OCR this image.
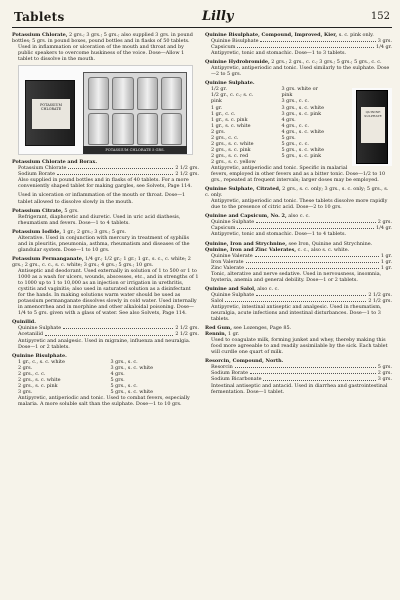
Tablets	Lilly	152
Potassium Chlorate, 2 grs.; 3 grs.; 5 grs.; also supplied 3 grs. in pound bottles; 5 grs. in pound boxes, pound bottles and in flasks of 50 tablets.
Used in inflammation or ulceration of the mouth and throat and by public speakers to overcome huskiness of the voice. Dose—Allow 1 tablet to dissolve in the mouth.
POTASSIUM CHLORATE
POTASSIUM CHLORATE 5 GRS.
Potassium Chlorate and Borax.
Potassium Chlorate	2 1/2 grs.
Sodium Borate	2 1/2 grs.
Also supplied in pound bottles and in flasks of 40 tablets. For a more conveniently shaped tablet for making gargles, see Solvets, Page 114.
Used in ulceration or inflammation of the mouth or throat. Dose—1 tablet allowed to dissolve slowly in the mouth.
Potassium Citrate, 5 grs.
Refrigerant, diaphoretic and diuretic. Used in uric acid diathesis, rheumatism and fevers. Dose—1 to 4 tablets.
Potassium Iodide, 1 gr.; 2 grs.; 3 grs.; 5 grs.
Alterative. Used in conjunction with mercury in treatment of syphilis and in pleuritis, pneumonia, asthma, rheumatism and diseases of the glandular system. Dose—1 to 10 grs.
Potassium Permanganate, 1/4 gr.; 1/2 gr.; 1 gr.; 1 gr., s. c., c. white; 2 grs.; 2 grs., c. c., s. c. white; 3 grs.; 4 grs.; 5 grs.; 10 grs.
Antiseptic and deodorant. Used externally in solution of 1 to 500 or 1 to 1000 as a wash for ulcers, wounds, abscesses, etc., and in strengths of 1 to 1000 up to 1 to 10,000 as an injection or irrigation in urethritis, cystitis and vaginitis; also used in saturated solution as a disinfectant for the hands. In making solutions warm water should be used as potassium permanganate dissolves slowly in cold water. Used internally in amenorrhea and in morphine and other alkaloidal poisoning. Dose—1/4 to 5 grs. given with a glass of water. See also Solvets, Page 114.
Quinilid.
Quinine Sulphate	2 1/2 grs.
Acetanilid	2 1/2 grs.
Antipyretic and analgesic. Used in migraine, influenza and neuralgia. Dose—1 or 2 tablets.
Quinine Bisulphate.
1 gr., c., s. c. white	3 grs., s. c.
2 grs.	3 grs., s. c. white
2 grs., c. c.	4 grs.
2 grs., s. c. white	5 grs.
2 grs., s. c. pink	5 grs., s. c.
3 grs.	5 grs., s. c. white
Antipyretic, antiperiodic and tonic. Used to combat fevers, especially malaria. A more soluble salt than the sulphate. Dose—1 to 10 grs.
Quinine Bisulphate, Compound, Improved, Kier, s. c. pink only.
Quinine Bisulphate	3 grs.
Capsicum	1/4 gr.
Antipyretic, tonic and stomachic. Dose—1 to 3 tablets.
Quinine Hydrobromide, 2 grs.; 2 grs., c. c.; 3 grs.; 5 grs.; 5 grs., c. c.
Antipyretic, antiperiodic and tonic. Used similarly to the sulphate. Dose—2 to 5 grs.
Quinine Sulphate.
QUININE SULPHATE
1/2 gr.	3 grs. white or
1/2 gr., c. c.; s. c.	pink
pink	3 grs., c. c.
1 gr.	3 grs., s. c. white
1 gr., c. c.	3 grs., s. c. pink
1 gr., s. c. pink	4 grs.
1 gr., s. c. white	4 grs., c. c.
2 grs.	4 grs., s. c. white
2 grs., c. c.	5 grs.
2 grs., s. c. white	5 grs., c. c.
2 grs., s. c. pink	5 grs., s. c. white
2 grs., s. c. red	5 grs., s. c. pink
2 grs., s. c. yellow
Antipyretic, antiperiodic and tonic. Specific in malarial fevers, employed in other fevers and as a bitter tonic. Dose—1/2 to 10 grs., repeated at frequent intervals; larger doses may be employed.
Quinine Sulphate, Citrated, 2 grs., s. c. only; 3 grs., s. c. only; 5 grs., s. c. only.
Antipyretic, antiperiodic and tonic. These tablets dissolve more rapidly due to the presence of citric acid. Dose—2 to 10 grs.
Quinine and Capsicum, No. 2, also c. c.
Quinine Sulphate	2 grs.
Capsicum	1/4 gr.
Antipyretic, tonic and stomachic. Dose—1 to 4 tablets.
Quinine, Iron and Strychnine, see Iron, Quinine and Strychnine.
Quinine, Iron and Zinc Valerates, c. c., also s. c. white.
Quinine Valerate	1 gr.
Iron Valerate	1 gr.
Zinc Valerate	1 gr.
Tonic, alterative and nerve sedative. Used in nervousness, insomnia, hysteria, anemia and general debility. Dose—1 or 2 tablets.
Quinine and Salol, also c. c.
Quinine Sulphate	2 1/2 grs.
Salol	2 1/2 grs.
Antipyretic, intestinal antiseptic and analgesic. Used in rheumatism, neuralgia, acute infections and intestinal disturbances. Dose—1 to 3 tablets.
Red Gum, see Lozenges, Page 85.
Rennin, 1 gr.
Used to coagulate milk, forming junket and whey, thereby making this food more agreeable to and readily assimilable by the sick. Each tablet will curdle one quart of milk.
Resorcin, Compound, North.
Resorcin	5 grs.
Sodium Borate	2 grs.
Sodium Bicarbonate	3 grs.
Intestinal antiseptic and antacid. Used in diarrhea and gastrointestinal fermentation. Dose—1 tablet.
